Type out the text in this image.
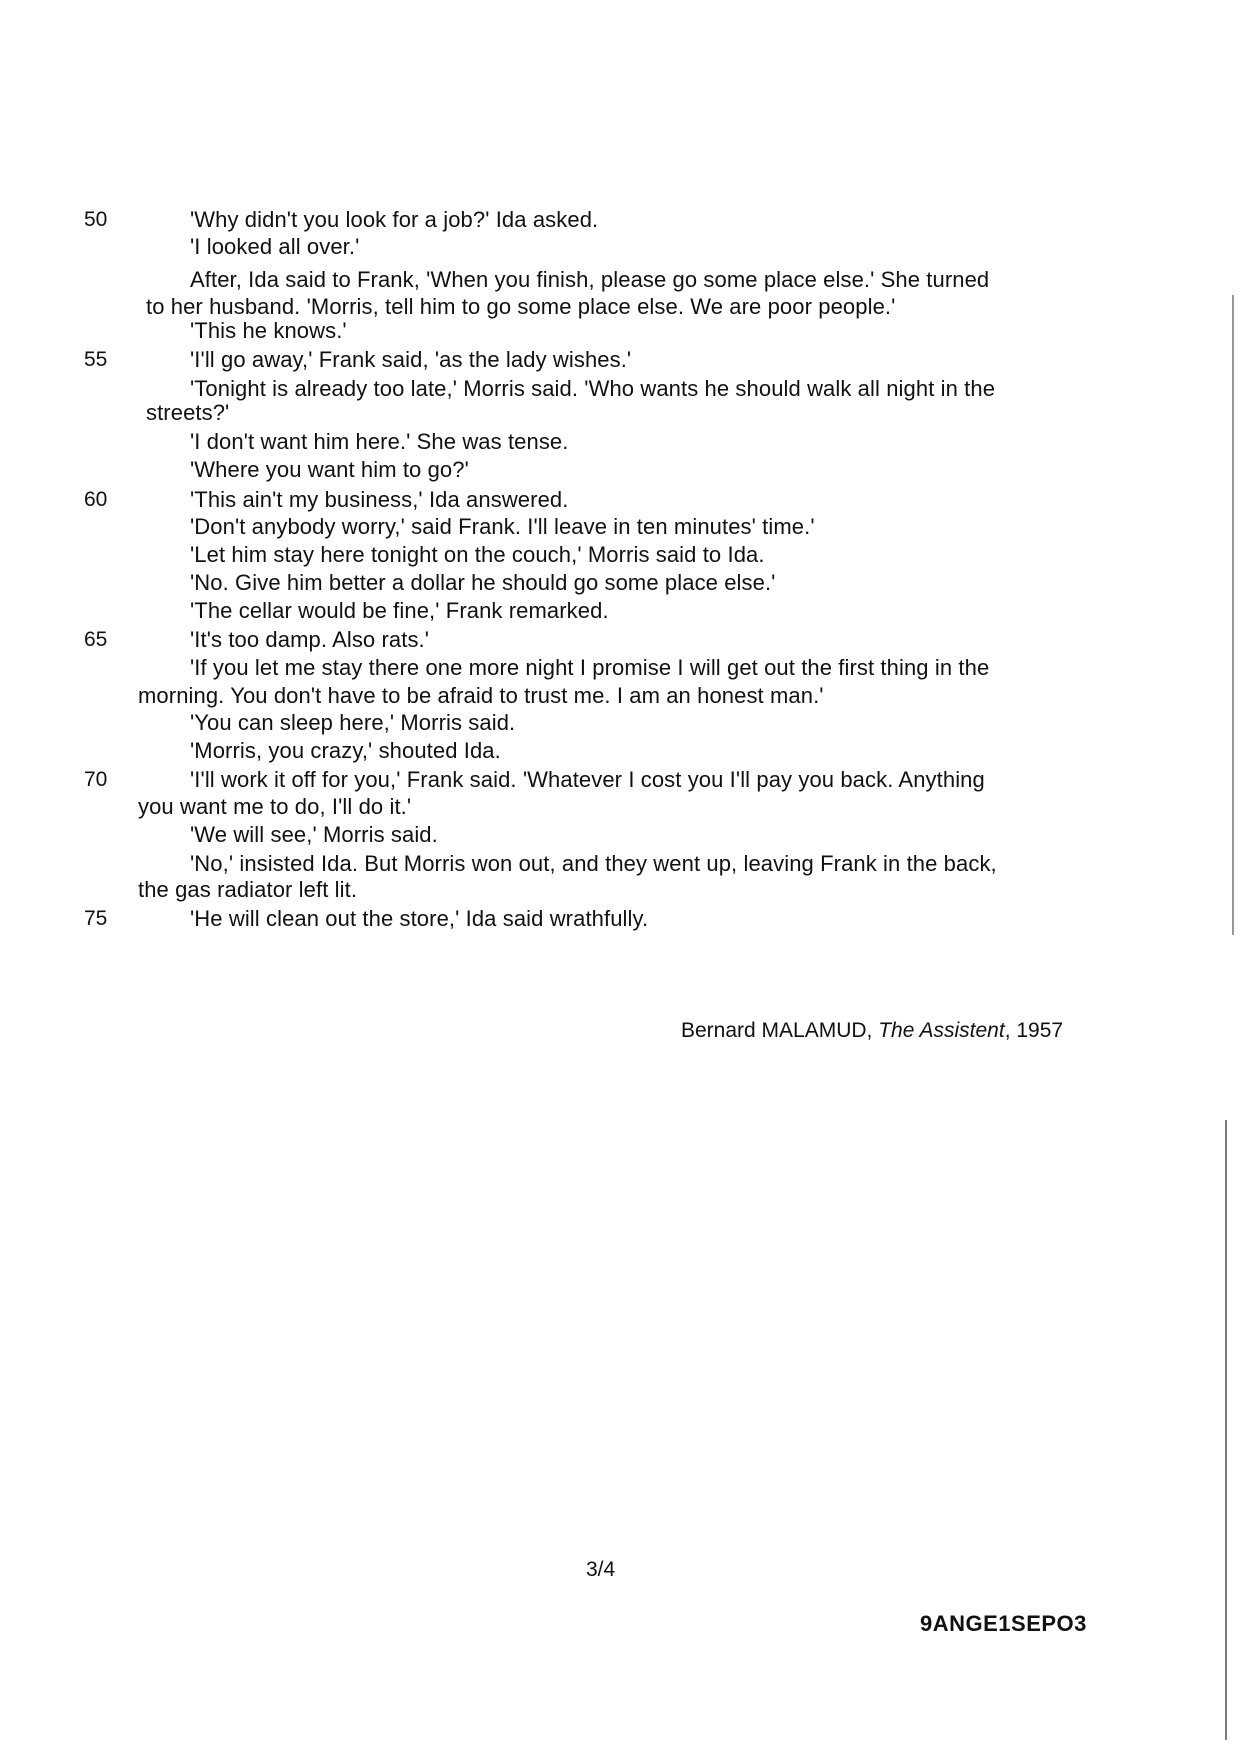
50
55
60
65
70
75
'Why didn't you look for a job?' Ida asked.
'I looked all over.'
After, Ida said to Frank, 'When you finish, please go some place else.' She turned
to her husband. 'Morris, tell him to go some place else. We are poor people.'
'This he knows.'
'I'll go away,' Frank said, 'as the lady wishes.'
'Tonight is already too late,' Morris said. 'Who wants he should walk all night in the
streets?'
'I don't want him here.' She was tense.
'Where you want him to go?'
'This ain't my business,' Ida answered.
'Don't anybody worry,' said Frank. I'll leave in ten minutes' time.'
'Let him stay here tonight on the couch,' Morris said to Ida.
'No. Give him better a dollar he should go some place else.'
'The cellar would be fine,' Frank remarked.
'It's too damp. Also rats.'
'If you let me stay there one more night I promise I will get out the first thing in the
morning. You don't have to be afraid to trust me. I am an honest man.'
'You can sleep here,' Morris said.
'Morris, you crazy,' shouted Ida.
'I'll work it off for you,' Frank said. 'Whatever I cost you I'll pay you back. Anything
you want me to do, I'll do it.'
'We will see,' Morris said.
'No,' insisted Ida. But Morris won out, and they went up, leaving Frank in the back,
the gas radiator left lit.
'He will clean out the store,' Ida said wrathfully.
Bernard MALAMUD, The Assistent, 1957
3/4
9ANGE1SEPO3
